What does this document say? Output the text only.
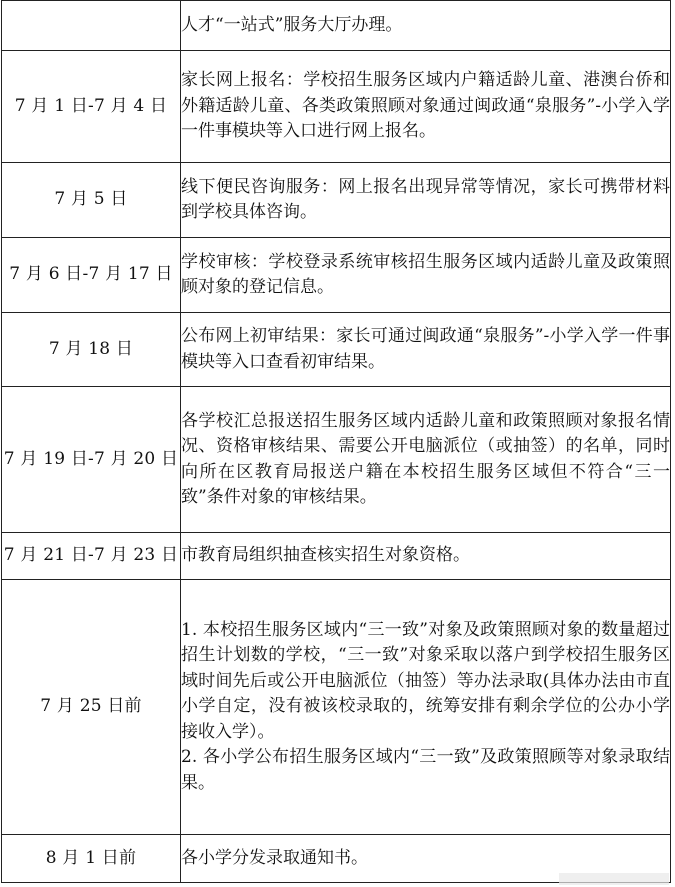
	人才“一站式”服务大厅办理。

7 月 1 日-7 月 4 日	家长网上报名：学校招生服务区域内户籍适龄儿童、港澳台侨和外籍适龄儿童、各类政策照顾对象通过闽政通“泉服务”-小学入学一件事模块等入口进行网上报名。

7 月 5 日	线下便民咨询服务：网上报名出现异常等情况，家长可携带材料到学校具体咨询。

7 月 6 日-7 月 17 日	学校审核：学校登录系统审核招生服务区域内适龄儿童及政策照顾对象的登记信息。

7 月 18 日	公布网上初审结果：家长可通过闽政通“泉服务”-小学入学一件事模块等入口查看初审结果。

7 月 19 日-7 月 20 日	各学校汇总报送招生服务区域内适龄儿童和政策照顾对象报名情况、资格审核结果、需要公开电脑派位（或抽签）的名单，同时向所在区教育局报送户籍在本校招生服务区域但不符合“三一致”条件对象的审核结果。

7 月 21 日-7 月 23 日	市教育局组织抽查核实招生对象资格。

7 月 25 日前	1. 本校招生服务区域内“三一致”对象及政策照顾对象的数量超过招生计划数的学校，“三一致”对象采取以落户到学校招生服务区域时间先后或公开电脑派位（抽签）等办法录取(具体办法由市直小学自定，没有被该校录取的，统筹安排有剩余学位的公办小学接收入学）。

2. 各小学公布招生服务区域内“三一致”及政策照顾等对象录取结果。

8 月 1 日前	各小学分发录取通知书。
